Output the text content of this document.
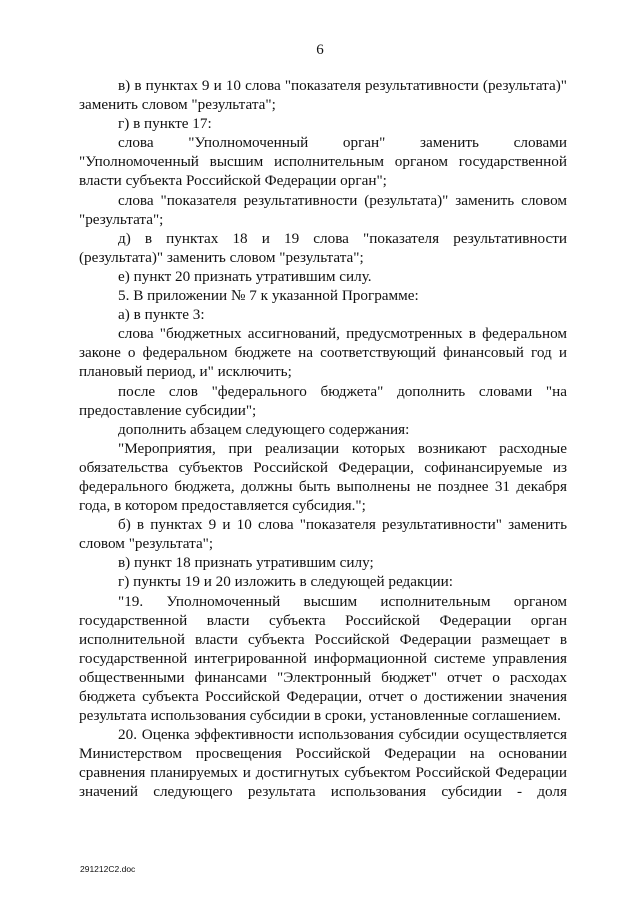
6

в) в пунктах 9 и 10 слова "показателя результативности (результата)" заменить словом "результата";

г) в пункте 17:

слова "Уполномоченный орган" заменить словами "Уполномоченный высшим исполнительным органом государственной власти субъекта Российской Федерации орган";

слова "показателя результативности (результата)" заменить словом "результата";

д) в пунктах 18 и 19 слова "показателя результативности (результата)" заменить словом "результата";

е) пункт 20 признать утратившим силу.

5. В приложении № 7 к указанной Программе:

а) в пункте 3:

слова "бюджетных ассигнований, предусмотренных в федеральном законе о федеральном бюджете на соответствующий финансовый год и плановый период, и" исключить;

после слов "федерального бюджета" дополнить словами "на предоставление субсидии";

дополнить абзацем следующего содержания:

"Мероприятия, при реализации которых возникают расходные обязательства субъектов Российской Федерации, софинансируемые из федерального бюджета, должны быть выполнены не позднее 31 декабря года, в котором предоставляется субсидия.";

б) в пунктах 9 и 10 слова "показателя результативности" заменить словом "результата";

в) пункт 18 признать утратившим силу;

г) пункты 19 и 20 изложить в следующей редакции:

"19. Уполномоченный высшим исполнительным органом государственной власти субъекта Российской Федерации орган исполнительной власти субъекта Российской Федерации размещает в государственной интегрированной информационной системе управления общественными финансами "Электронный бюджет" отчет о расходах бюджета субъекта Российской Федерации, отчет о достижении значения результата использования субсидии в сроки, установленные соглашением.

20. Оценка эффективности использования субсидии осуществляется Министерством просвещения Российской Федерации на основании сравнения планируемых и достигнутых субъектом Российской Федерации значений следующего результата использования субсидии - доля

291212C2.doc
